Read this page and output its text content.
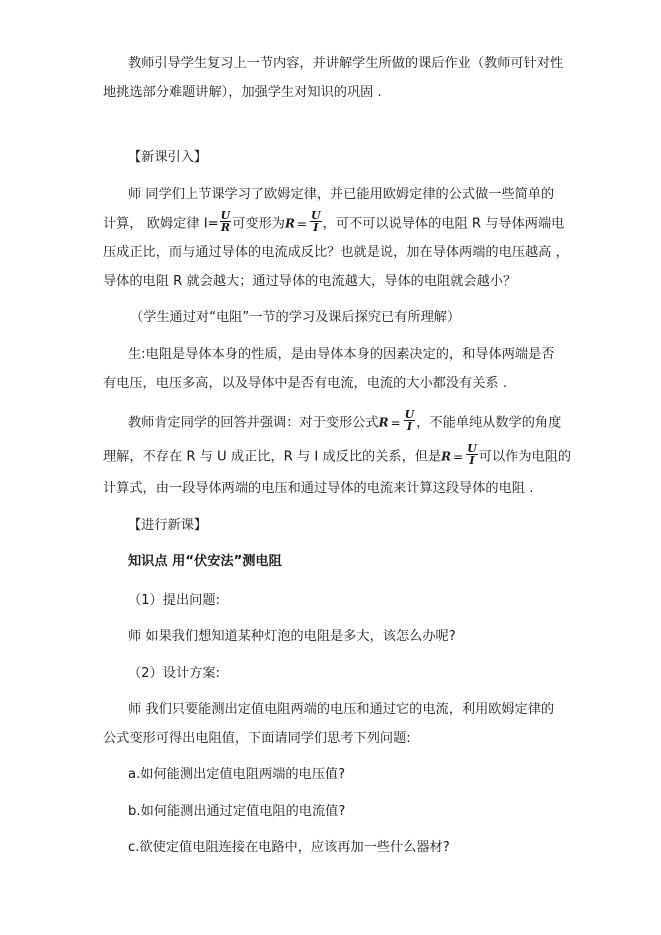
教师引导学生复习上一节内容，并讲解学生所做的课后作业（教师可针对性
地挑选部分难题讲解），加强学生对知识的巩固 .
【新课引入】
师 同学们上节课学习了欧姆定律，并已能用欧姆定律的公式做一些简单的
计算， 欧姆定律 $I= \frac{U}{R}$ 可变形为$R = \frac{U}{I}$ ，可不可以说导体的电阻 R 与导体两端电
压成正比，而与通过导体的电流成反比？也就是说，加在导体两端的电压越高 ，
导体的电阻 R 就会越大；通过导体的电流越大，导体的电阻就会越小？
（学生通过对“电阻”一节的学习及课后探究已有所理解）
生:电阻是导体本身的性质，是由导体本身的因素决定的，和导体两端是否
有电压，电压多高，以及导体中是否有电流，电流的大小都没有关系 .
教师肯定同学的回答并强调：对于变形公式$R = \frac{U}{I}$ ，不能单纯从数学的角度
理解，不存在 R 与 U 成正比，R 与 I 成反比的关系，但是$R = \frac{U}{I}$ 可以作为电阻的
计算式，由一段导体两端的电压和通过导体的电流来计算这段导体的电阻 .
【进行新课】
知识点 用“伏安法”测电阻
（1）提出问题:
师 如果我们想知道某种灯泡的电阻是多大，该怎么办呢?
（2）设计方案:
师 我们只要能测出定值电阻两端的电压和通过它的电流，利用欧姆定律的
公式变形可得出电阻值，下面请同学们思考下列问题:
a.如何能测出定值电阻两端的电压值?
b.如何能测出通过定值电阻的电流值?
c.欲使定值电阻连接在电路中，应该再加一些什么器材?
